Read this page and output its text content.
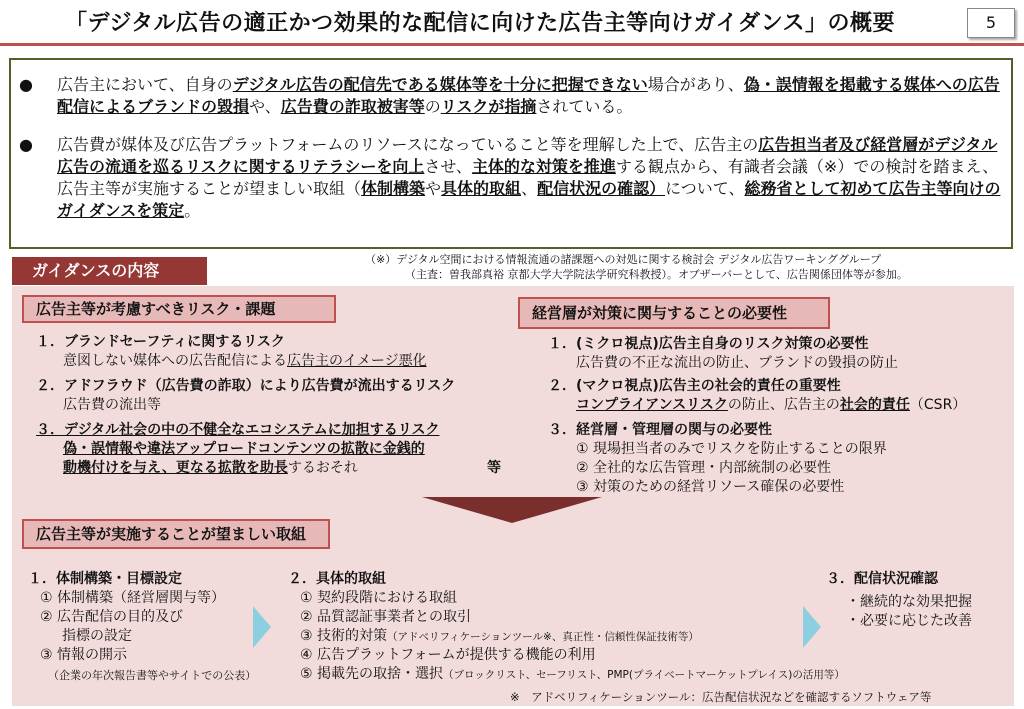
「デジタル広告の適正かつ効果的な配信に向けた広告主等向けガイダンス」の概要	5
● 広告主において、自身のデジタル広告の配信先である媒体等を十分に把握できない場合があり、偽・誤情報を掲載する媒体への広告配信によるブランドの毀損や、広告費の詐取被害等のリスクが指摘されている。
● 広告費が媒体及び広告プラットフォームのリソースになっていること等を理解した上で、広告主の広告担当者及び経営層がデジタル広告の流通を巡るリスクに関するリテラシーを向上させ、主体的な対策を推進する観点から、有識者会議（※）での検討を踏まえ、広告主等が実施することが望ましい取組（体制構築や具体的取組、配信状況の確認）について、総務省として初めて広告主等向けのガイダンスを策定。
（※）デジタル空間における情報流通の諸課題への対処に関する検討会 デジタル広告ワーキンググループ
（主査：曽我部真裕 京都大学大学院法学研究科教授）。オブザーバーとして、広告関係団体等が参加。
ガイダンスの内容
広告主等が考慮すべきリスク・課題
１．ブランドセーフティに関するリスク
意図しない媒体への広告配信による広告主のイメージ悪化
２．アドフラウド（広告費の詐取）により広告費が流出するリスク
広告費の流出等
３．デジタル社会の中の不健全なエコシステムに加担するリスク
偽・誤情報や違法アップロードコンテンツの拡散に金銭的
動機付けを与え、更なる拡散を助長するおそれ	等
経営層が対策に関与することの必要性
１．(ミクロ視点)広告主自身のリスク対策の必要性
広告費の不正な流出の防止、ブランドの毀損の防止
２．(マクロ視点)広告主の社会的責任の重要性
コンプライアンスリスクの防止、広告主の社会的責任（CSR）
３．経営層・管理層の関与の必要性
① 現場担当者のみでリスクを防止することの限界
② 全社的な広告管理・内部統制の必要性
③ 対策のための経営リソース確保の必要性
広告主等が実施することが望ましい取組
１．体制構築・目標設定
① 体制構築（経営層関与等）
② 広告配信の目的及び
指標の設定
③ 情報の開示
（企業の年次報告書等やサイトでの公表）
２．具体的取組
① 契約段階における取組
② 品質認証事業者との取引
③ 技術的対策（アドベリフィケーションツール※、真正性・信頼性保証技術等）
④ 広告プラットフォームが提供する機能の利用
⑤ 掲載先の取捨・選択（ブロックリスト、セーフリスト、PMP(プライベートマーケットプレイス)の活用等）
３．配信状況確認
・継続的な効果把握
・必要に応じた改善
※　アドベリフィケーションツール：広告配信状況などを確認するソフトウェア等
